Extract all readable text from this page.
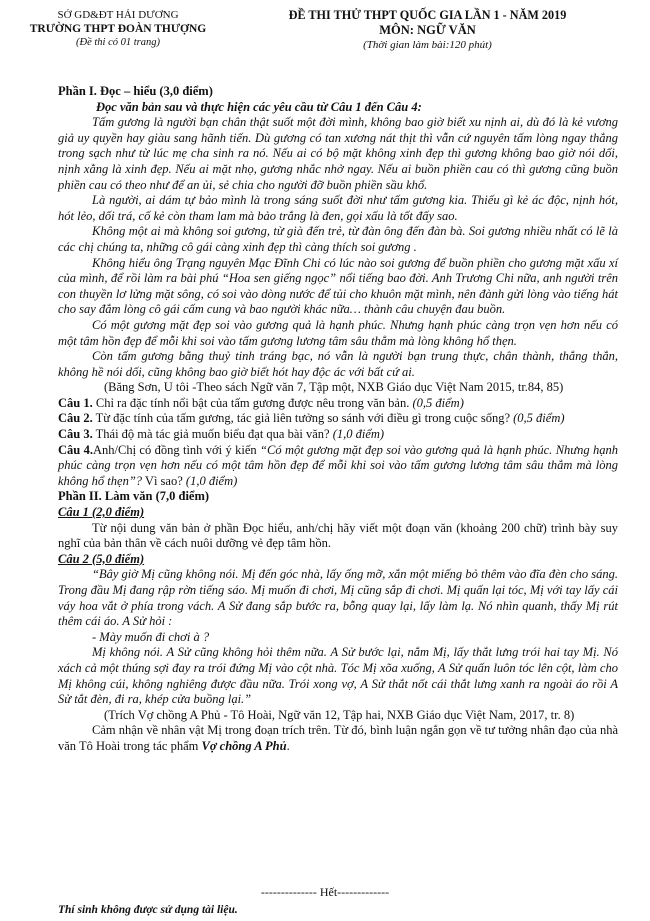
SỞ GD&ĐT HẢI DƯƠNG
TRƯỜNG THPT ĐOÀN THƯỢNG
(Đề thi có 01 trang)
ĐỀ THI THỬ THPT QUỐC GIA LẦN 1 - NĂM 2019
MÔN: NGỮ VĂN
(Thời gian làm bài:120 phút)

Phần I. Đọc – hiểu (3,0 điểm)

Đọc văn bản sau và thực hiện các yêu cầu từ Câu 1 đến Câu 4:

Tấm gương là người bạn chân thật suốt một đời mình, không bao giờ biết xu nịnh ai, dù đó là kẻ vương giả uy quyền hay giàu sang hãnh tiến. Dù gương có tan xương nát thịt thì vẫn cứ nguyên tấm lòng ngay thẳng trong sạch như từ lúc mẹ cha sinh ra nó. Nếu ai có bộ mặt không xinh đẹp thì gương không bao giờ nói dối, nịnh xằng là xinh đẹp. Nếu ai mặt nhọ, gương nhắc nhở ngay. Nếu ai buồn phiền cau có thì gương cũng buồn phiền cau có theo như để an ủi, sẻ chia cho người đỡ buồn phiền sầu khổ.

Là người, ai dám tự bảo mình là trong sáng suốt đời như tấm gương kia. Thiếu gì kẻ ác độc, nịnh hót, hót lẻo, dối trá, cố kẻ còn tham lam mà bảo trắng là đen, gọi xấu là tốt đấy sao.

Không một ai mà không soi gương, từ già đến trẻ, từ đàn ông đến đàn bà. Soi gương nhiều nhất có lẽ là các chị chúng ta, những cô gái càng xinh đẹp thì càng thích soi gương .

Không hiểu ông Trạng nguyên Mạc Đĩnh Chi có lúc nào soi gương để buồn phiền cho gương mặt xấu xí của mình, để rồi làm ra bài phú “Hoa sen giếng ngọc” nổi tiếng bao đời. Anh Trương Chi nữa, anh người trên con thuyền lơ lửng mặt sông, có soi vào dòng nước để tủi cho khuôn mặt mình, nên đành gửi lòng vào tiếng hát cho say đắm lòng cô gái cấm cung và bao người khác nữa… thành câu chuyện đau buồn.

Có một gương mặt đẹp soi vào gương quả là hạnh phúc. Nhưng hạnh phúc càng trọn vẹn hơn nếu có một tâm hồn đẹp để mỗi khi soi vào tấm gương lương tâm sâu thẳm mà lòng không hổ thẹn.

Còn tấm gương bằng thuỷ tinh tráng bạc, nó vẫn là người bạn trung thực, chân thành, thẳng thắn, không hề nói dối, cũng không bao giờ biết hót hay độc ác với bất cứ ai.

(Băng Sơn, U tôi -Theo sách Ngữ văn 7, Tập một, NXB Giáo dục Việt Nam 2015, tr.84, 85)

Câu 1. Chỉ ra đặc tính nổi bật của tấm gương được nêu trong văn bản. (0,5 điểm)

Câu 2. Từ đặc tính của tấm gương, tác giả liên tưởng so sánh với điều gì trong cuộc sống? (0,5 điểm)

Câu 3. Thái độ mà tác giả muốn biểu đạt qua bài văn? (1,0 điểm)

Câu 4.Anh/Chị có đồng tình với ý kiến “Có một gương mặt đẹp soi vào gương quả là hạnh phúc. Nhưng hạnh phúc càng trọn vẹn hơn nếu có một tâm hồn đẹp để mỗi khi soi vào tấm gương lương tâm sâu thẳm mà lòng không hổ thẹn”? Vì sao? (1,0 điểm)

Phần II. Làm văn (7,0 điểm)

Câu 1 (2,0 điểm)

Từ nội dung văn bản ở phần Đọc hiểu, anh/chị hãy viết một đoạn văn (khoảng 200 chữ) trình bày suy nghĩ của bản thân về cách nuôi dưỡng vẻ đẹp tâm hồn.

Câu 2 (5,0 điểm)

“Bây giờ Mị cũng không nói. Mị đến góc nhà, lấy ống mỡ, xắn một miếng bỏ thêm vào đĩa đèn cho sáng. Trong đầu Mị đang rập rờn tiếng sáo. Mị muốn đi chơi, Mị cũng sắp đi chơi. Mị quấn lại tóc, Mị với tay lấy cái váy hoa vắt ở phía trong vách. A Sử đang sắp bước ra, bỗng quay lại, lấy làm lạ. Nó nhìn quanh, thấy Mị rút thêm cái áo. A Sử hỏi :

- Mày muốn đi chơi à ?

Mị không nói. A Sử cũng không hỏi thêm nữa. A Sử bước lại, nắm Mị, lấy thắt lưng trói hai tay Mị. Nó xách cả một thúng sợi đay ra trói đứng Mị vào cột nhà. Tóc Mị xõa xuống, A Sử quấn luôn tóc lên cột, làm cho Mị không cúi, không nghiêng được đầu nữa. Trói xong vợ, A Sử thắt nốt cái thắt lưng xanh ra ngoài áo rồi A Sử tắt đèn, đi ra, khép cửa buồng lại.”

(Trích Vợ chồng A Phủ - Tô Hoài, Ngữ văn 12, Tập hai, NXB Giáo dục Việt Nam, 2017, tr. 8)

Cảm nhận về nhân vật Mị trong đoạn trích trên. Từ đó, bình luận ngắn gọn về tư tưởng nhân đạo của nhà văn Tô Hoài trong tác phẩm Vợ chồng A Phủ.

-------------- Hết-------------
Thí sinh không được sử dụng tài liệu.
